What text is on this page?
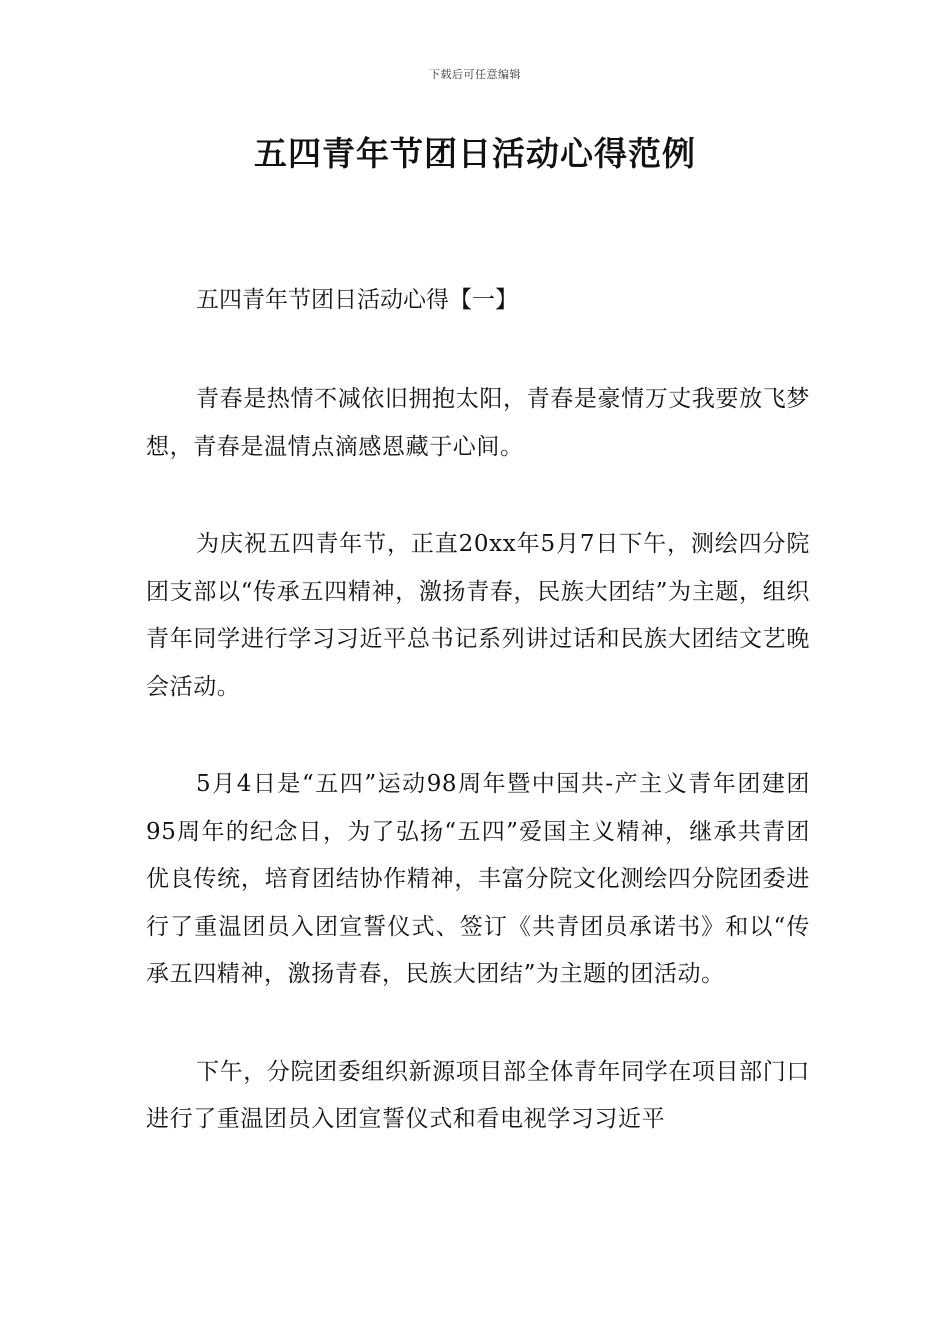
下载后可任意编辑
五四青年节团日活动心得范例
五四青年节团日活动心得【一】

青春是热情不减依旧拥抱太阳，青春是豪情万丈我要放飞梦想，青春是温情点滴感恩藏于心间。

为庆祝五四青年节，正直20xx年5月7日下午，测绘四分院团支部以“传承五四精神，激扬青春，民族大团结”为主题，组织青年同学进行学习习近平总书记系列讲过话和民族大团结文艺晚会活动。

5月4日是“五四”运动98周年暨中国共-产主义青年团建团95周年的纪念日，为了弘扬“五四”爱国主义精神，继承共青团优良传统，培育团结协作精神，丰富分院文化测绘四分院团委进行了重温团员入团宣誓仪式、签订《共青团员承诺书》和以“传承五四精神，激扬青春，民族大团结”为主题的团活动。

下午，分院团委组织新源项目部全体青年同学在项目部门口进行了重温团员入团宣誓仪式和看电视学习习近平
